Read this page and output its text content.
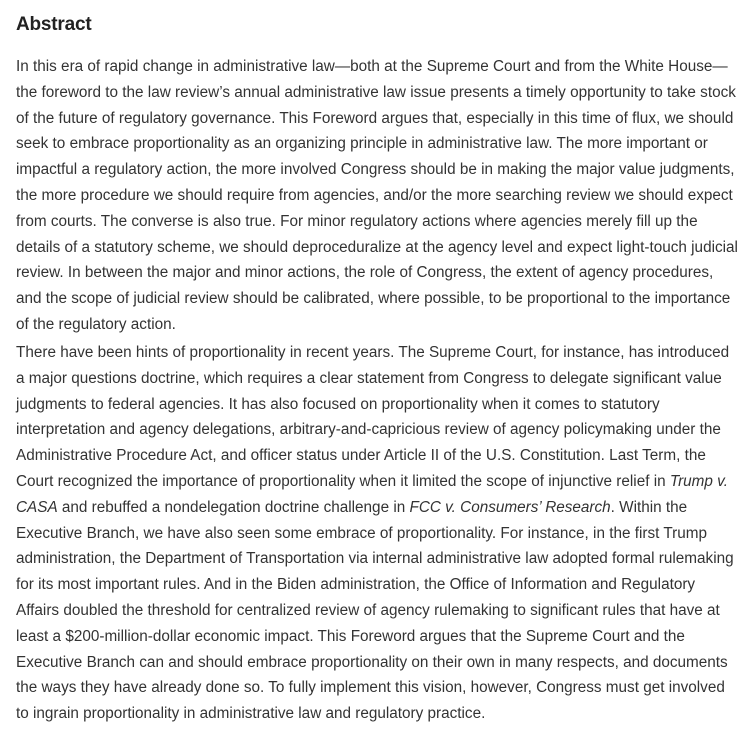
Abstract

In this era of rapid change in administrative law—both at the Supreme Court and from the White House—the foreword to the law review’s annual administrative law issue presents a timely opportunity to take stock of the future of regulatory governance. This Foreword argues that, especially in this time of flux, we should seek to embrace proportionality as an organizing principle in administrative law. The more important or impactful a regulatory action, the more involved Congress should be in making the major value judgments, the more procedure we should require from agencies, and/or the more searching review we should expect from courts. The converse is also true. For minor regulatory actions where agencies merely fill up the details of a statutory scheme, we should deproceduralize at the agency level and expect light-touch judicial review. In between the major and minor actions, the role of Congress, the extent of agency procedures, and the scope of judicial review should be calibrated, where possible, to be proportional to the importance of the regulatory action.

There have been hints of proportionality in recent years. The Supreme Court, for instance, has introduced a major questions doctrine, which requires a clear statement from Congress to delegate significant value judgments to federal agencies. It has also focused on proportionality when it comes to statutory interpretation and agency delegations, arbitrary-and-capricious review of agency policymaking under the Administrative Procedure Act, and officer status under Article II of the U.S. Constitution. Last Term, the Court recognized the importance of proportionality when it limited the scope of injunctive relief in Trump v. CASA and rebuffed a nondelegation doctrine challenge in FCC v. Consumers’ Research. Within the Executive Branch, we have also seen some embrace of proportionality. For instance, in the first Trump administration, the Department of Transportation via internal administrative law adopted formal rulemaking for its most important rules. And in the Biden administration, the Office of Information and Regulatory Affairs doubled the threshold for centralized review of agency rulemaking to significant rules that have at least a $200-million-dollar economic impact. This Foreword argues that the Supreme Court and the Executive Branch can and should embrace proportionality on their own in many respects, and documents the ways they have already done so. To fully implement this vision, however, Congress must get involved to ingrain proportionality in administrative law and regulatory practice.
